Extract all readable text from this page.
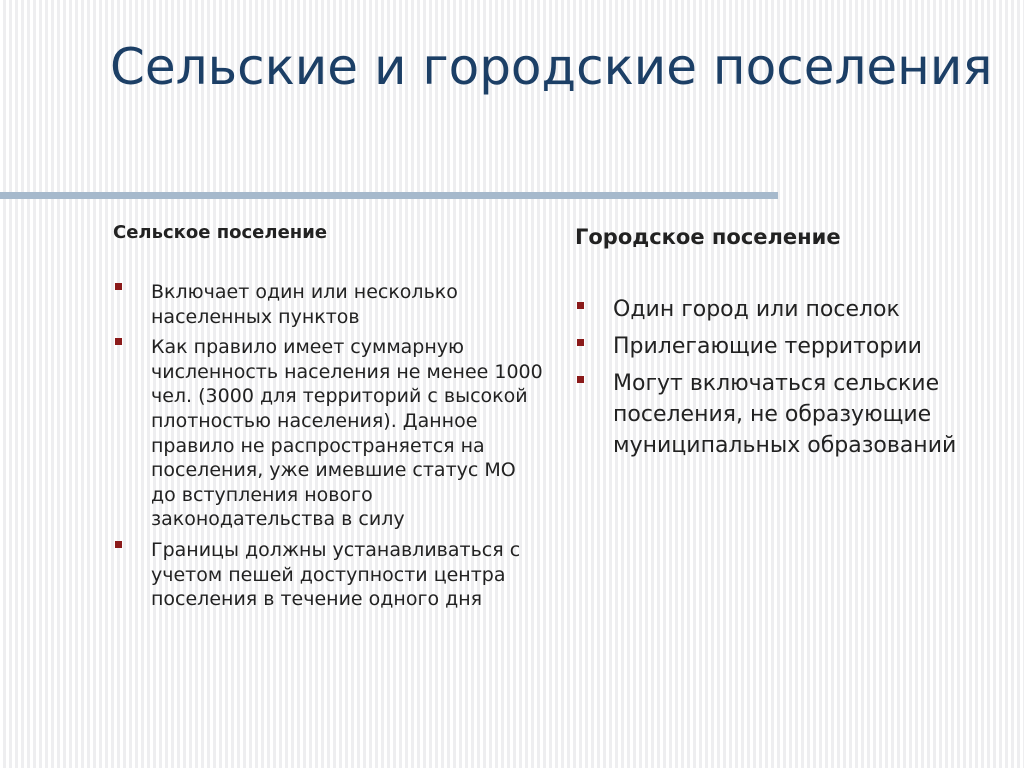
Сельские и городские поселения
Сельское поселение
Включает один или несколько населенных пунктов
Как правило имеет суммарную численность населения не менее 1000 чел. (3000 для территорий с высокой плотностью населения). Данное правило не распространяется на поселения, уже имевшие статус МО до вступления нового законодательства в силу
Границы должны устанавливаться с учетом пешей доступности центра поселения в течение одного дня
Городское поселение
Один город или поселок
Прилегающие территории
Могут включаться сельские поселения, не образующие муниципальных образований
